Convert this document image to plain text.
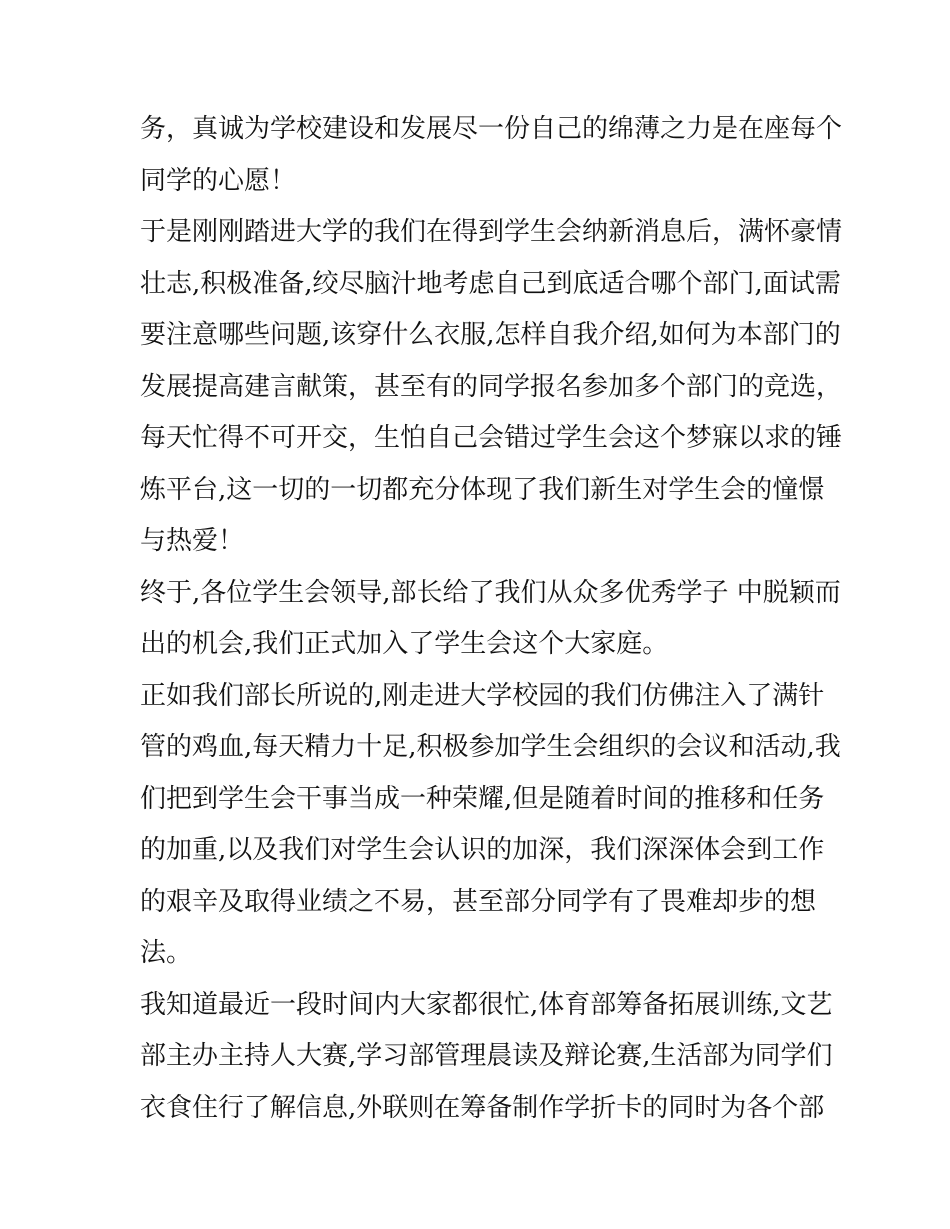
务，真诚为学校建设和发展尽一份自己的绵薄之力是在座每个
同学的心愿！
于是刚刚踏进大学的我们在得到学生会纳新消息后，满怀豪情
壮志,积极准备,绞尽脑汁地考虑自己到底适合哪个部门,面试需
要注意哪些问题,该穿什么衣服,怎样自我介绍,如何为本部门的
发展提高建言献策，甚至有的同学报名参加多个部门的竞选，
每天忙得不可开交，生怕自己会错过学生会这个梦寐以求的锤
炼平台,这一切的一切都充分体现了我们新生对学生会的憧憬
与热爱！
终于,各位学生会领导,部长给了我们从众多优秀学子 中脱颖而
出的机会,我们正式加入了学生会这个大家庭。
正如我们部长所说的,刚走进大学校园的我们仿佛注入了满针
管的鸡血,每天精力十足,积极参加学生会组织的会议和活动,我
们把到学生会干事当成一种荣耀,但是随着时间的推移和任务
的加重,以及我们对学生会认识的加深，我们深深体会到工作
的艰辛及取得业绩之不易，甚至部分同学有了畏难却步的想
法。
我知道最近一段时间内大家都很忙,体育部筹备拓展训练,文艺
部主办主持人大赛,学习部管理晨读及辩论赛,生活部为同学们
衣食住行了解信息,外联则在筹备制作学折卡的同时为各个部
